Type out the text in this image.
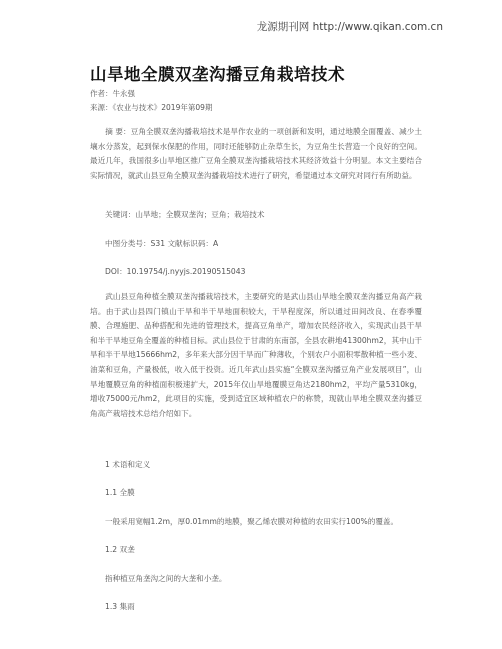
龙源期刊网 http://www.qikan.com.cn
山旱地全膜双垄沟播豆角栽培技术
作者：牛永强
来源：《农业与技术》2019年第09期

摘 要：豆角全膜双垄沟播栽培技术是旱作农业的一项创新和发明，通过地膜全面覆盖、减少土壤水分蒸发，起到保水保肥的作用，同时还能够防止杂草生长，为豆角生长营造一个良好的空间。最近几年，我国很多山旱地区推广豆角全膜双垄沟播栽培技术其经济效益十分明显。本文主要结合实际情况，就武山县豆角全膜双垄沟播栽培技术进行了研究，希望通过本文研究对同行有所助益。

关键词：山旱地；全膜双垄沟；豆角；栽培技术
中图分类号：S31 文献标识码：A
DOI：10.19754/j.nyyjs.20190515043

武山县豆角种植全膜双垄沟播栽培技术，主要研究的是武山县山旱地全膜双垄沟播豆角高产栽培。由于武山县四门镇山干旱和半干旱地面积较大，干旱程度深，所以通过田间改良、在春季覆膜、合理施肥、品种搭配和先进的管理技术，提高豆角单产，增加农民经济收入，实现武山县干旱和半干旱地豆角全覆盖的种植目标。武山县位于甘肃的东南部，全县农耕地41300hm2，其中山干旱和半干旱地15666hm2，多年来大部分因干旱而广种薄收，个别农户小面积零散种植一些小麦、油菜和豆角，产量极低，收入低于投资。近几年武山县实施“全膜双垄沟播豆角产业发展项目”，山旱地覆膜豆角的种植面积极速扩大，2015年仅山旱地覆膜豆角达2180hm2，平均产量5310kg，增收75000元/hm2，此项目的实施，受到适宜区域种植农户的称赞，现就山旱地全膜双垄沟播豆角高产栽培技术总结介绍如下。

1 术语和定义
1.1 全膜
一般采用宽幅1.2m，厚0.01mm的地膜，聚乙烯农膜对种植的农田实行100%的覆盖。
1.2 双垄
指种植豆角垄沟之间的大垄和小垄。
1.3 集雨
